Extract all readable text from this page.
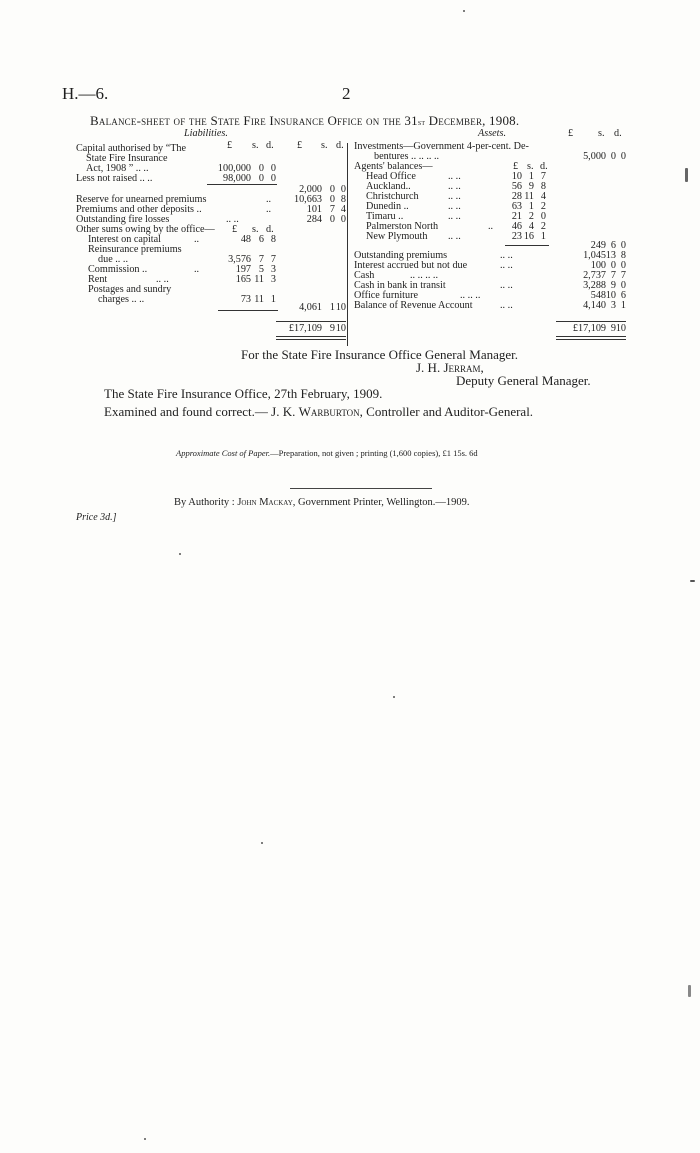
H.—6.	2
Balance-sheet of the State Fire Insurance Office on the 31st December, 1908.
Liabilities.
£ s. d. £ s. d.
Capital authorised by “The
State Fire Insurance
Act, 1908 ” .. ..	100,000 0 0
Less not raised .. ..	98,000 0 0
2,000 0 0
Reserve for unearned premiums	.. 10,663 0 8
Premiums and other deposits ..	..	101 7 4
Outstanding fire losses	.. ..	284 0 0
Other sums owing by the office— £ s. d.
Interest on capital	..	48 6 8
Reinsurance premiums
due .. ..	3,576 7 7
Commission ..	..	197 5 3
Rent	.. ..	165 11 3
Postages and sundry
charges .. ..	73 11 1
4,061 1 10
£17,109 9 10
Assets.	£ s. d.
Investments—Government 4-per-cent. De-
bentures .. .. .. ..	5,000 0 0
Agents' balances—	£ s. d.
Head Office	.. ..	10 1 7
Auckland..	.. ..	56 9 8
Christchurch	.. ..	28 11 4
Dunedin ..	.. ..	63 1 2
Timaru ..	.. ..	21 2 0
Palmerston North	.. 46 4 2
New Plymouth .. ..	23 16 1
249 6 0
Outstanding premiums	.. ..	1,045 13 8
Interest accrued but not due	.. ..	100 0 0
Cash	.. .. .. ..	2,737 7 7
Cash in bank in transit	.. ..	3,288 9 0
Office furniture	.. .. ..	548 10 6
Balance of Revenue Account	.. ..	4,140 3 1
£17,109 9 10
For the State Fire Insurance Office General Manager.
J. H. Jerram,
Deputy General Manager.
The State Fire Insurance Office, 27th February, 1909.
Examined and found correct.— J. K. Warburton, Controller and Auditor-General.
Approximate Cost of Paper.—Preparation, not given ; printing (1,600 copies), £1 15s. 6d
By Authority : John Mackay, Government Printer, Wellington.—1909.
Price 3d.]
